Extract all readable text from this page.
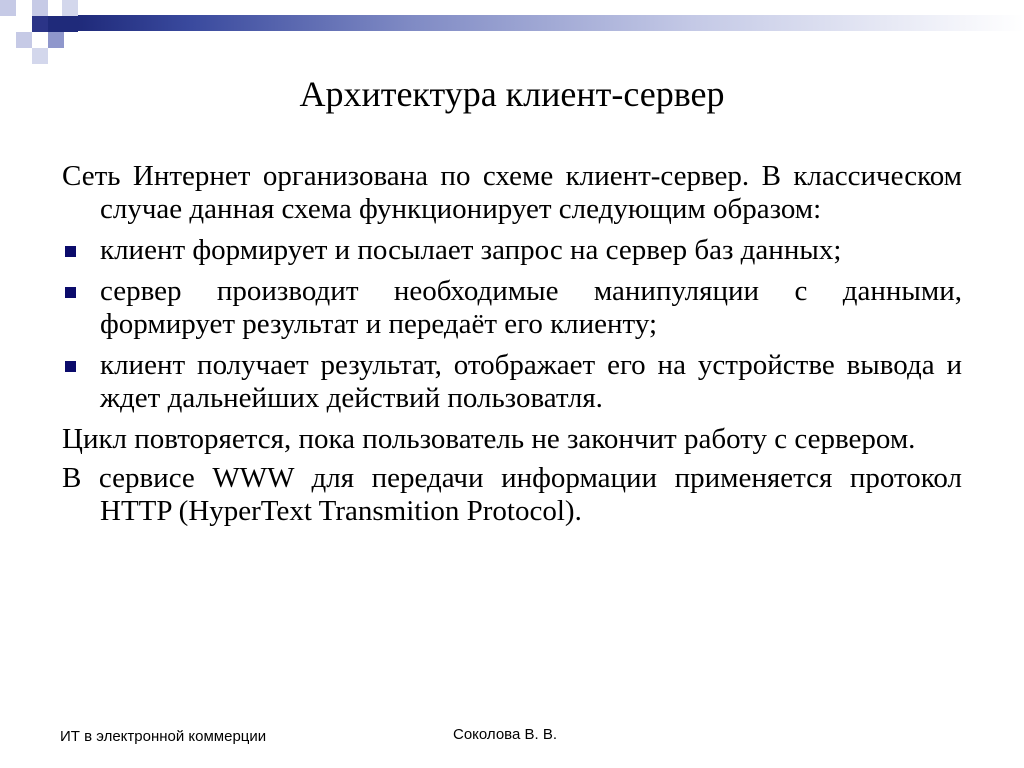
Архитектура клиент-сервер

Сеть Интернет организована по схеме клиент-сервер. В классическом случае данная схема функционирует следующим образом:

клиент формирует и посылает запрос на сервер баз данных;
сервер производит необходимые манипуляции с данными, формирует результат и передаёт его клиенту;
клиент получает результат, отображает его на устройстве вывода и ждет дальнейших действий пользоватля.

Цикл повторяется, пока пользователь не закончит работу с сервером.

В сервисе WWW для передачи информации применяется протокол HTTP (HyperText Transmition Protocol).

ИТ в электронной коммерции	Соколова В. В.
